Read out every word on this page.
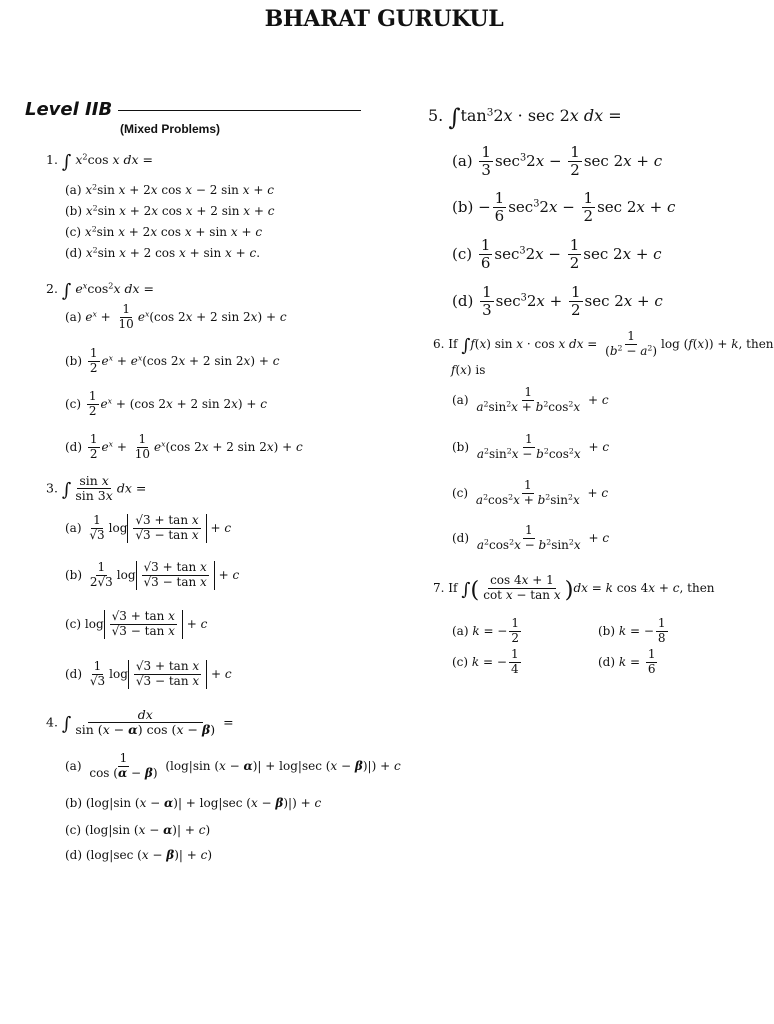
BHARAT GURUKUL
Level IIB
(Mixed Problems)
1. ∫ $x^2\cos$ x dx =
(a) $x^2\sin$ x + 2x cos x − 2 sin x + c
(b) $x^2\sin$ x + 2x cos x + 2 sin x + c
(c) $x^2\sin$ x + 2x cos x + sin x + c
(d) $x^2\sin$ x + 2 cos x + sin x + c.
2. ∫ $e^x\cos^2x$ dx =
(a) $e^x + \frac{1}{10} e^x(\cos$ 2x + 2 sin 2x) + c
$(b) \frac{1}{2} e^x + e^x(\cos$ 2x + 2 sin 2x) + c
$(c) \frac{1}{2} e^x + (\cos$ 2x + 2 sin 2x) + c
$(d) \frac{1}{2} e^x + \frac{1}{10} e^x(\cos$ 2x + 2 sin 2x) + c
3. ∫ $\frac{\text{sin x}}{\sin 3x}$ dx =
$(a) \frac{1}{√3}$ $\log \frac{\text{√3 + tan x}}{\text{√3 − tan x}} + c$
$(b) \frac{1}{2√3}$ $\log \frac{\text{√3 + tan x}}{\text{√3 − tan x}} + c$
(c) $\log \frac{\text{√3 + tan x}}{\text{√3 − tan x}} + c$
$(d) \frac{1}{√3}$ $\log \frac{\text{√3 + tan x}}{\text{√3 − tan x}} + c$
4. ∫ $\frac{dx}{\sin (x - \alpha) \cos (x - \beta)}$ =
$(a) \frac{1}{\cos (\alpha - \beta)} (\log|\sin$ (x − α)| + log|sec (x − β)|) + c
(b) (log|sin (x − α)| + log|sec (x − β)|) + c
(c) (log|sin (x − α)| + c)
(d) (log|sec (x − β)| + c)
5. $\int\tan^32x \cdot \sec 2x$ dx =
$(a) \frac{1}{3} \sec^32x - \frac{1}{2}$ sec 2x + c
$(b) - \frac{1}{6} \sec^32x - \frac{1}{2}$ sec 2x + c
$(c) \frac{1}{6} \sec^32x - \frac{1}{2}$ sec 2x + c
$(d) \frac{1}{3} \sec^32x + \frac{1}{2}$ sec 2x + c
6. If ∫f(x) sin x · cos x dx = $\frac{1}{(b^2 - a^2)}$ log (f(x)) + k, then
f(x) is
$(a) \frac{1}{a^2\sin^2x + b^2\cos^2x} + c$
$(b) \frac{1}{a^2\sin^2x - b^2\cos^2x} + c$
$(c) \frac{1}{a^2\cos^2x + b^2\sin^2x} + c$
$(d) \frac{1}{a^2\cos^2x - b^2\sin^2x} + c$
7. If ∫( $\frac{\cos 4x + 1}{\text{cot x − tan x}} )dx = k$ cos 4x + c, then
(a) k = − $\frac{1}{2}$	(b) k = − $\frac{1}{8}$
(c) k = − $\frac{1}{4}$	(d) $k = \frac{1}{6}$
